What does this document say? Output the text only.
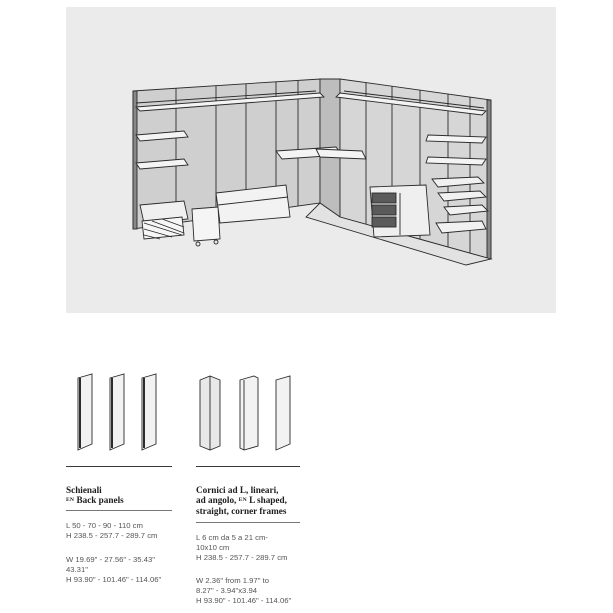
Schienali
$^{EN}$ Back panels
L 50 - 70 - 90 - 110 cm
H 238.5 - 257.7 - 289.7 cm
W 19.69" - 27.56" - 35.43"
43.31"
H 93.90" - 101.46" - 114.06"
Cornici ad L, lineari,
ad angolo, $^{EN}$ L shaped,
straight, corner frames
L 6 cm da 5 a 21 cm-
10x10 cm
H 238.5 - 257.7 - 289.7 cm
W 2.36" from 1.97" to
8.27" - 3.94"x3.94
H 93.90" - 101.46" - 114.06"
